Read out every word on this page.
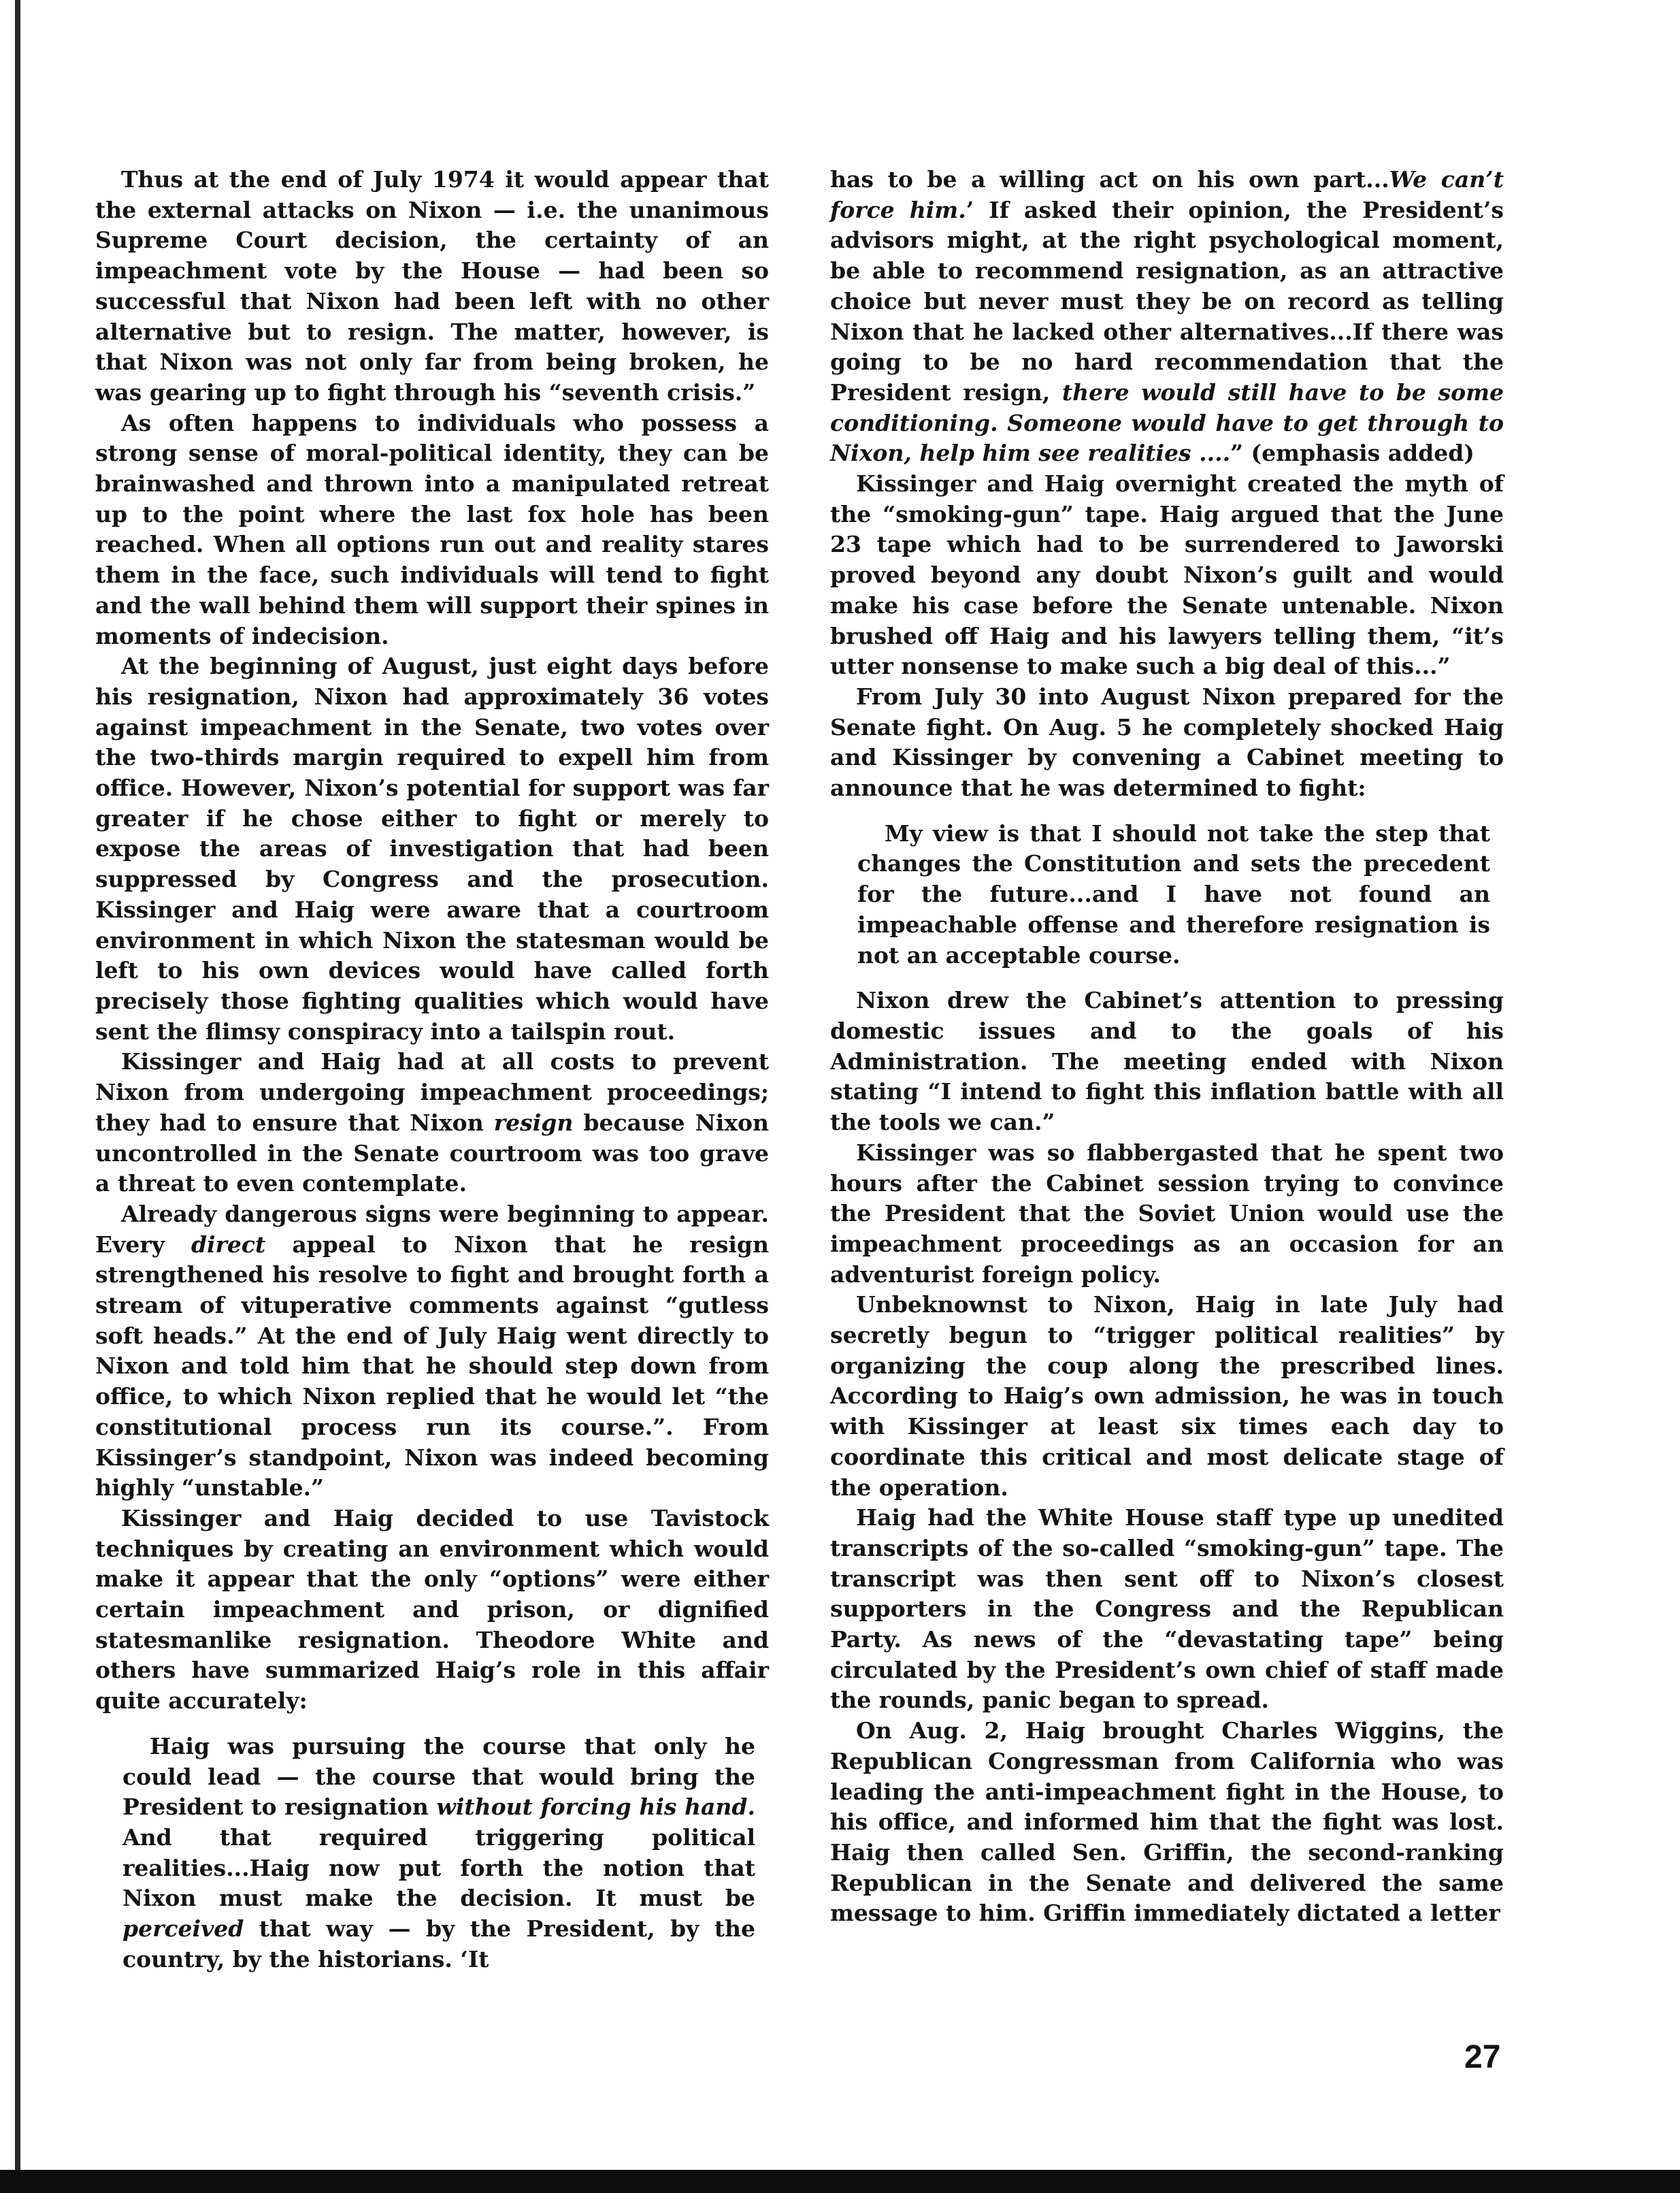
Thus at the end of July 1974 it would appear that the external attacks on Nixon — i.e. the unanimous Supreme Court decision, the certainty of an impeachment vote by the House — had been so successful that Nixon had been left with no other alternative but to resign. The matter, however, is that Nixon was not only far from being broken, he was gearing up to fight through his “seventh crisis.”

As often happens to individuals who possess a strong sense of moral-political identity, they can be brainwashed and thrown into a manipulated retreat up to the point where the last fox hole has been reached. When all options run out and reality stares them in the face, such individuals will tend to fight and the wall behind them will support their spines in moments of indecision.

At the beginning of August, just eight days before his resignation, Nixon had approximately 36 votes against impeachment in the Senate, two votes over the two-thirds margin required to expell him from office. However, Nixon’s potential for support was far greater if he chose either to fight or merely to expose the areas of investigation that had been suppressed by Congress and the prosecution. Kissinger and Haig were aware that a courtroom environment in which Nixon the statesman would be left to his own devices would have called forth precisely those fighting qualities which would have sent the flimsy conspiracy into a tailspin rout.

Kissinger and Haig had at all costs to prevent Nixon from undergoing impeachment proceedings; they had to ensure that Nixon resign because Nixon uncontrolled in the Senate courtroom was too grave a threat to even contemplate.

Already dangerous signs were beginning to appear. Every direct appeal to Nixon that he resign strengthened his resolve to fight and brought forth a stream of vituperative comments against “gutless soft heads.” At the end of July Haig went directly to Nixon and told him that he should step down from office, to which Nixon replied that he would let “the constitutional process run its course.”. From Kissinger’s standpoint, Nixon was indeed becoming highly “unstable.”

Kissinger and Haig decided to use Tavistock techniques by creating an environment which would make it appear that the only “options” were either certain impeachment and prison, or dignified statesmanlike resignation. Theodore White and others have summarized Haig’s role in this affair quite accurately:

Haig was pursuing the course that only he could lead — the course that would bring the President to resignation without forcing his hand. And that required triggering political realities...Haig now put forth the notion that Nixon must make the decision. It must be perceived that way — by the President, by the country, by the historians. ‘It

has to be a willing act on his own part...We can’t force him.’ If asked their opinion, the President’s advisors might, at the right psychological moment, be able to recommend resignation, as an attractive choice but never must they be on record as telling Nixon that he lacked other alternatives...If there was going to be no hard recommendation that the President resign, there would still have to be some conditioning. Someone would have to get through to Nixon, help him see realities ....” (emphasis added)

Kissinger and Haig overnight created the myth of the “smoking-gun” tape. Haig argued that the June 23 tape which had to be surrendered to Jaworski proved beyond any doubt Nixon’s guilt and would make his case before the Senate untenable. Nixon brushed off Haig and his lawyers telling them, “it’s utter nonsense to make such a big deal of this...”

From July 30 into August Nixon prepared for the Senate fight. On Aug. 5 he completely shocked Haig and Kissinger by convening a Cabinet meeting to announce that he was determined to fight:

My view is that I should not take the step that changes the Constitution and sets the precedent for the future...and I have not found an impeachable offense and therefore resignation is not an acceptable course.

Nixon drew the Cabinet’s attention to pressing domestic issues and to the goals of his Administration. The meeting ended with Nixon stating “I intend to fight this inflation battle with all the tools we can.”

Kissinger was so flabbergasted that he spent two hours after the Cabinet session trying to convince the President that the Soviet Union would use the impeachment proceedings as an occasion for an adventurist foreign policy.

Unbeknownst to Nixon, Haig in late July had secretly begun to “trigger political realities” by organizing the coup along the prescribed lines. According to Haig’s own admission, he was in touch with Kissinger at least six times each day to coordinate this critical and most delicate stage of the operation.

Haig had the White House staff type up unedited transcripts of the so-called “smoking-gun” tape. The transcript was then sent off to Nixon’s closest supporters in the Congress and the Republican Party. As news of the “devastating tape” being circulated by the President’s own chief of staff made the rounds, panic began to spread.

On Aug. 2, Haig brought Charles Wiggins, the Republican Congressman from California who was leading the anti-impeachment fight in the House, to his office, and informed him that the fight was lost. Haig then called Sen. Griffin, the second-ranking Republican in the Senate and delivered the same message to him. Griffin immediately dictated a letter

27
